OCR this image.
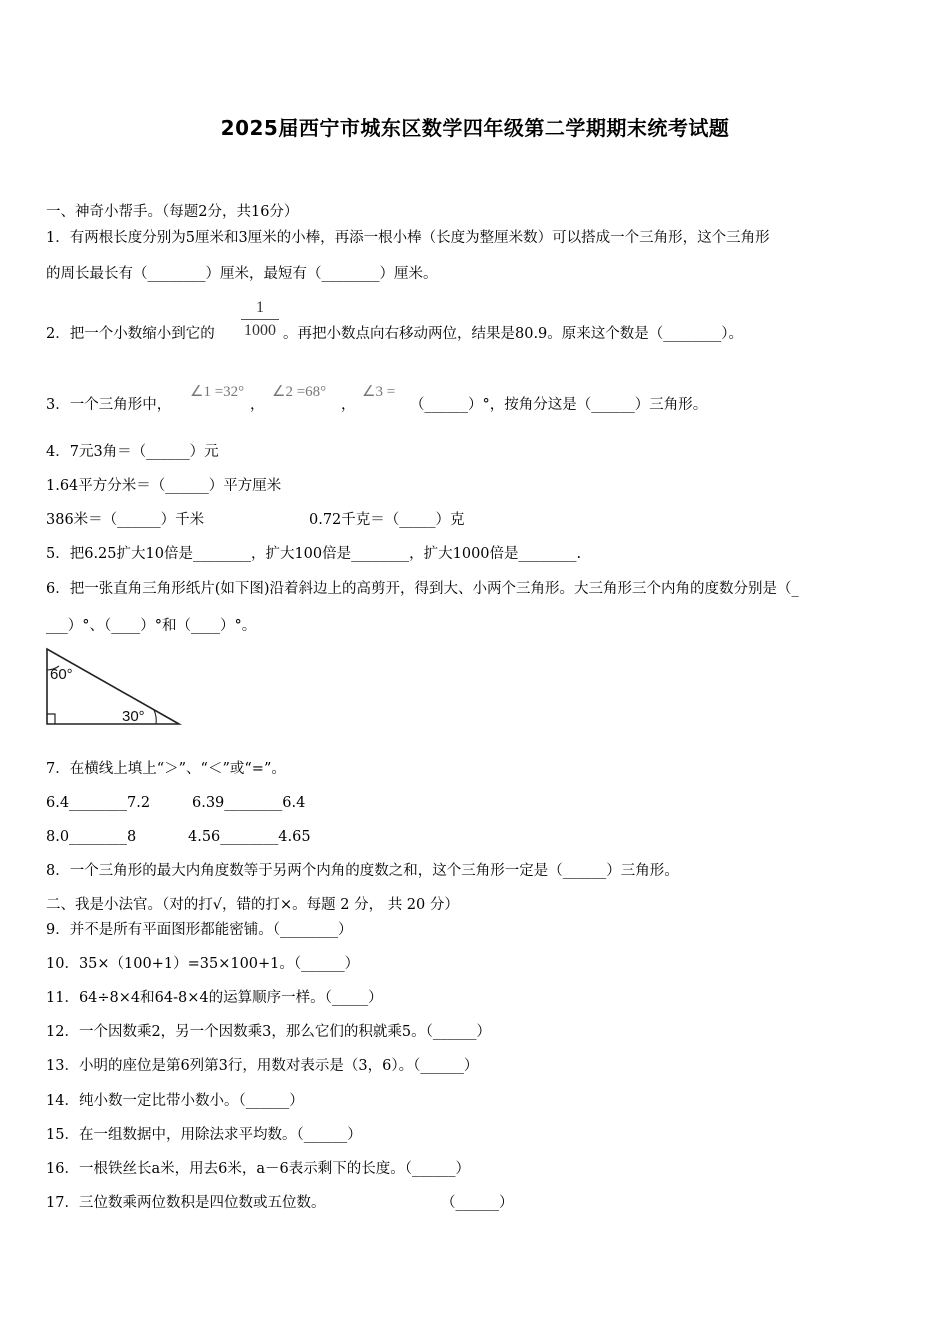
2025届西宁市城东区数学四年级第二学期期末统考试题
一、神奇小帮手。（每题2分，共16分）
1．有两根长度分别为5厘米和3厘米的小棒，再添一根小棒（长度为整厘米数）可以搭成一个三角形，这个三角形
的周长最长有（________）厘米，最短有（________）厘米。
2．把一个小数缩小到它的
1
1000 。再把小数点向右移动两位，结果是80.9。原来这个数是（________）。
3．一个三角形中，
∠1 =32°
，
∠2 =68°
，
∠3 =
（______）°，按角分这是（______）三角形。
4．7元3角＝（______）元
1.64平方分米＝（______）平方厘米
386米＝（______）千米	0.72千克＝（_____）克
5．把6.25扩大10倍是________，扩大100倍是________，扩大1000倍是________.
6．把一张直角三角形纸片(如下图)沿着斜边上的高剪开，得到大、小两个三角形。大三角形三个内角的度数分别是（_
___）°、（____）°和（____）°。
60°
30°
7．在横线上填上“＞”、“＜”或“=”。
6.4________7.2	6.39________6.4
8.0________8	4.56________4.65
8．一个三角形的最大内角度数等于另两个内角的度数之和，这个三角形一定是（______）三角形。
二、我是小法官。（对的打√，错的打×。每题 2 分， 共 20 分）
9．并不是所有平面图形都能密铺。（________）
10．35×（100+1）=35×100+1。（______）
11．64÷8×4和64-8×4的运算顺序一样。（_____）
12．一个因数乘2，另一个因数乘3，那么它们的积就乘5。（______）
13．小明的座位是第6列第3行，用数对表示是（3，6）。（______）
14．纯小数一定比带小数小。（______）
15．在一组数据中，用除法求平均数。（______）
16．一根铁丝长a米，用去6米，a－6表示剩下的长度。（______）
17．三位数乘两位数积是四位数或五位数。	（______）
